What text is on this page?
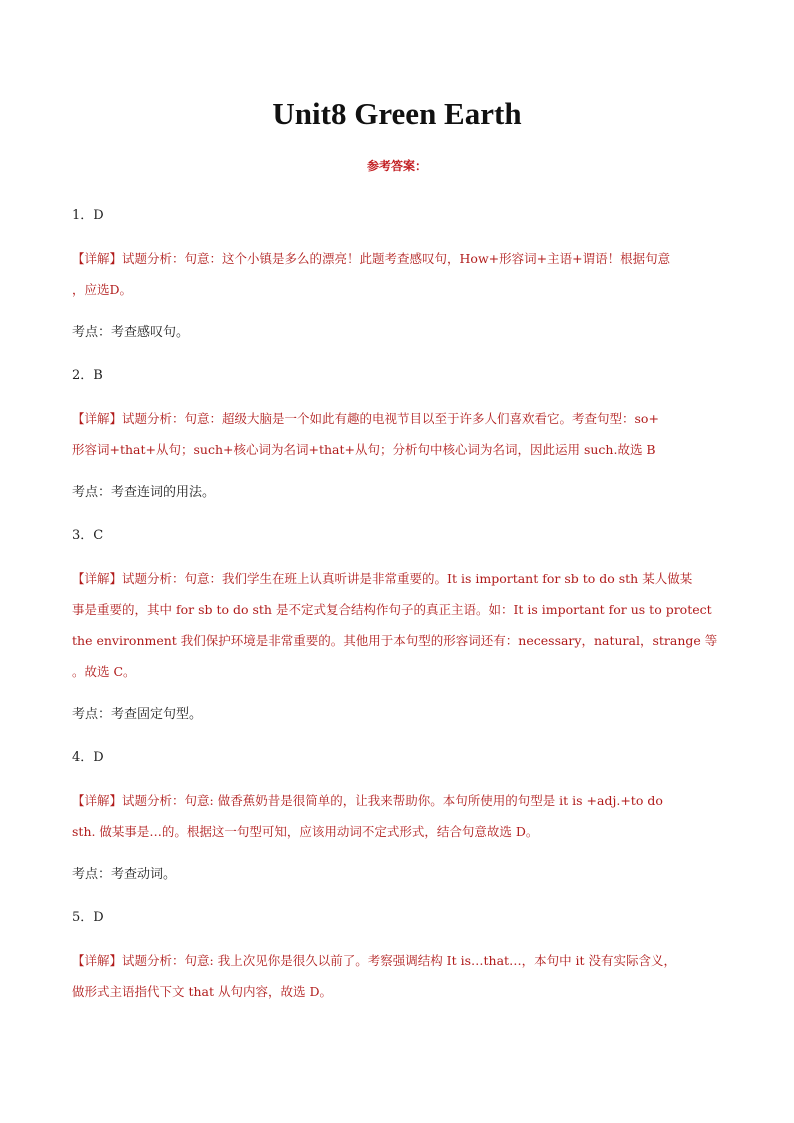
Unit8 Green Earth
参考答案：
1．D
【详解】试题分析：句意：这个小镇是多么的漂亮！此题考查感叹句，How+形容词+主语+谓语！根据句意
，应选D。
考点：考查感叹句。
2．B
【详解】试题分析：句意：超级大脑是一个如此有趣的电视节目以至于许多人们喜欢看它。考查句型：so+
形容词+that+从句；such+核心词为名词+that+从句；分析句中核心词为名词，因此运用 such.故选 B
考点：考查连词的用法。
3．C
【详解】试题分析：句意：我们学生在班上认真听讲是非常重要的。It is important for sb to do sth 某人做某
事是重要的，其中 for sb to do sth 是不定式复合结构作句子的真正主语。如：It is important for us to protect
the environment 我们保护环境是非常重要的。其他用于本句型的形容词还有：necessary，natural，strange 等
。故选 C。
考点：考查固定句型。
4．D
【详解】试题分析：句意: 做香蕉奶昔是很简单的，让我来帮助你。本句所使用的句型是 it is +adj.+to do
sth. 做某事是…的。根据这一句型可知，应该用动词不定式形式，结合句意故选 D。
考点：考查动词。
5．D
【详解】试题分析：句意: 我上次见你是很久以前了。考察强调结构 It is…that…，本句中 it 没有实际含义，
做形式主语指代下文 that 从句内容，故选 D。
